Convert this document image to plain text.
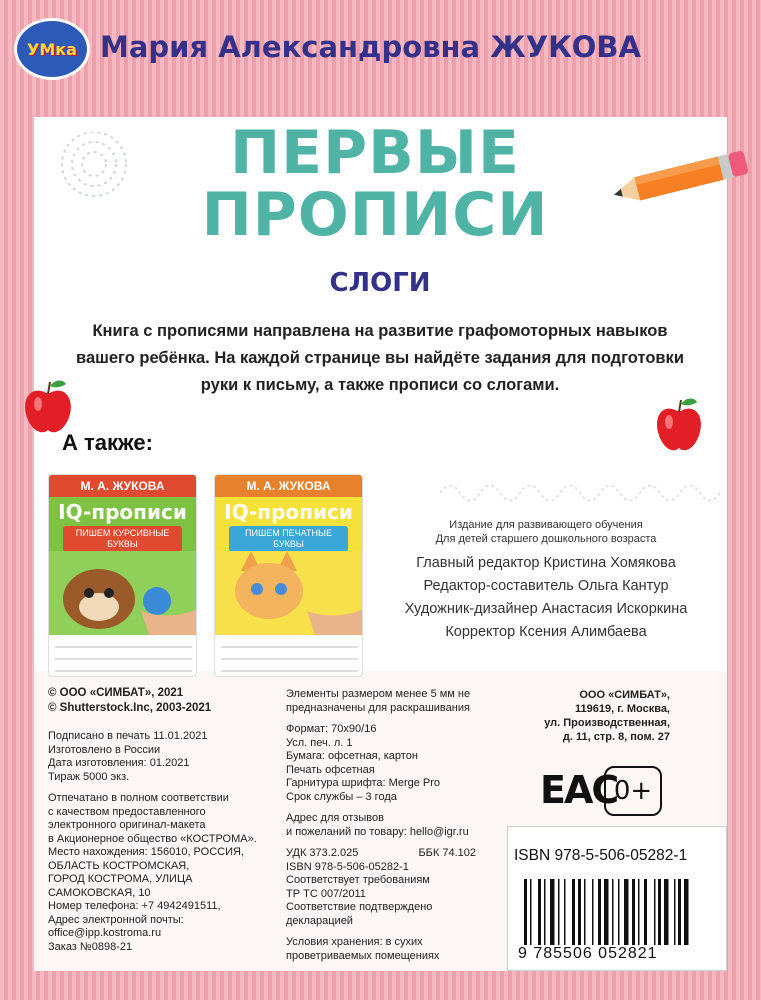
УМка Мария Александровна ЖУКОВА
ПЕРВЫЕ
ПРОПИСИ
СЛОГИ
Книга с прописями направлена на развитие графомоторных навыков вашего ребёнка. На каждой странице вы найдёте задания для подготовки руки к письму, а также прописи со слогами.
А также:
М. А. ЖУКОВА
IQ-прописи
ПИШЕМ КУРСИВНЫЕ БУКВЫ
М. А. ЖУКОВА
IQ-прописи
ПИШЕМ ПЕЧАТНЫЕ БУКВЫ
Издание для развивающего обучения
Для детей старшего дошкольного возраста
Главный редактор Кристина Хомякова
Редактор-составитель Ольга Кантур
Художник-дизайнер Анастасия Искоркина
Корректор Ксения Алимбаева
© ООО «СИМБАТ», 2021
© Shutterstock.Inc, 2003-2021

Подписано в печать 11.01.2021
Изготовлено в России
Дата изготовления: 01.2021
Тираж 5000 экз.

Отпечатано в полном соответствии
с качеством предоставленного
электронного оригинал-макета
в Акционерное общество «КОСТРОМА».
Место нахождения: 156010, РОССИЯ,
ОБЛАСТЬ КОСТРОМСКАЯ,
ГОРОД КОСТРОМА, УЛИЦА
САМОКОВСКАЯ, 10
Номер телефона: +7 4942491511,
Адрес электронной почты:
office@ipp.kostroma.ru
Заказ №0898-21

Элементы размером менее 5 мм не
предназначены для раскрашивания

Формат: 70х90/16
Усл. печ. л. 1
Бумага: офсетная, картон
Печать офсетная
Гарнитура шрифта: Merge Pro
Срок службы – 3 года

Адрес для отзывов
и пожеланий по товару: hello@igr.ru

УДК 373.2.025	ББК 74.102

ISBN 978-5-506-05282-1
Соответствует требованиям
ТР ТС 007/2011
Соответствие подтверждено
декларацией

Условия хранения: в сухих
проветриваемых помещениях

ООО «СИМБАТ»,
119619, г. Москва,
ул. Производственная,
д. 11, стр. 8, пом. 27
ЕАС
0+
ISBN 978-5-506-05282-1
9 785506 052821
